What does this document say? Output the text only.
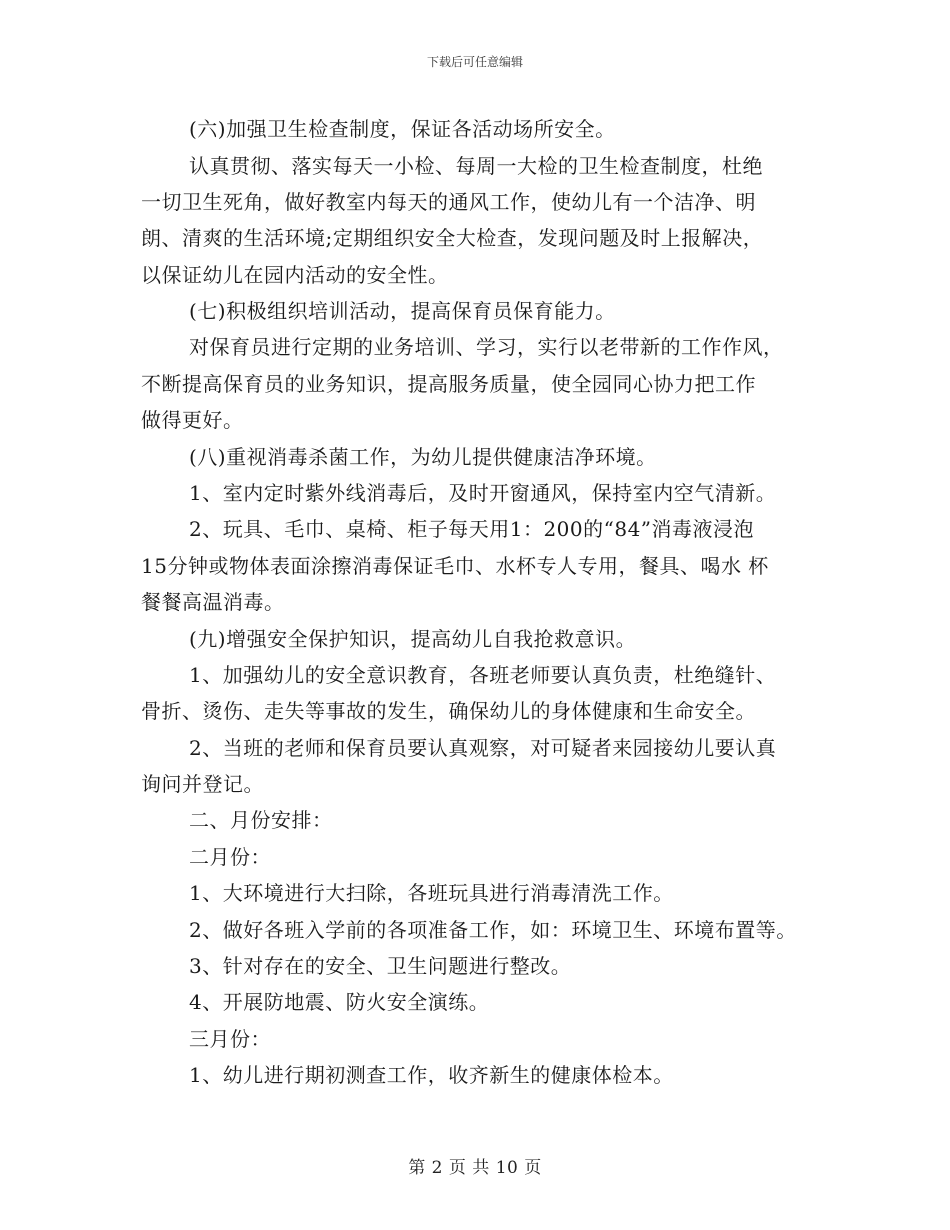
下载后可任意编辑
(六)加强卫生检查制度，保证各活动场所安全。
认真贯彻、落实每天一小检、每周一大检的卫生检查制度，杜绝
一切卫生死角，做好教室内每天的通风工作，使幼儿有一个洁净、明
朗、清爽的生活环境;定期组织安全大检查，发现问题及时上报解决，
以保证幼儿在园内活动的安全性。
(七)积极组织培训活动，提高保育员保育能力。
对保育员进行定期的业务培训、学习，实行以老带新的工作作风，
不断提高保育员的业务知识，提高服务质量，使全园同心协力把工作
做得更好。
(八)重视消毒杀菌工作，为幼儿提供健康洁净环境。
1、室内定时紫外线消毒后，及时开窗通风，保持室内空气清新。
2、玩具、毛巾、桌椅、柜子每天用1：200的“84”消毒液浸泡
15分钟或物体表面涂擦消毒保证毛巾、水杯专人专用，餐具、喝水 杯
餐餐高温消毒。
(九)增强安全保护知识，提高幼儿自我抢救意识。
1、加强幼儿的安全意识教育，各班老师要认真负责，杜绝缝针、
骨折、烫伤、走失等事故的发生，确保幼儿的身体健康和生命安全。
2、当班的老师和保育员要认真观察，对可疑者来园接幼儿要认真
询问并登记。
二、月份安排：
二月份：
1、大环境进行大扫除，各班玩具进行消毒清洗工作。
2、做好各班入学前的各项准备工作，如：环境卫生、环境布置等。
3、针对存在的安全、卫生问题进行整改。
4、开展防地震、防火安全演练。
三月份：
1、幼儿进行期初测查工作，收齐新生的健康体检本。
第 2 页 共 10 页
